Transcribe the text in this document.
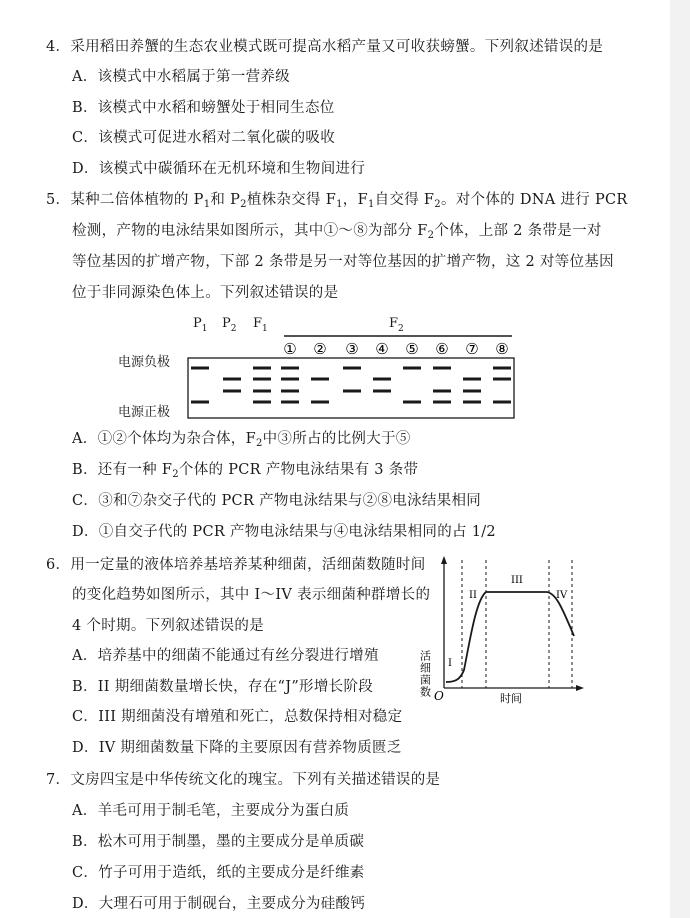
4．采用稻田养蟹的生态农业模式既可提高水稻产量又可收获螃蟹。下列叙述错误的是
A．该模式中水稻属于第一营养级
B．该模式中水稻和螃蟹处于相同生态位
C．该模式可促进水稻对二氧化碳的吸收
D．该模式中碳循环在无机环境和生物间进行
5．某种二倍体植物的 $P_1$和 $P_2$植株杂交得 $F_1$，$F_1$自交得 $F_2$。对个体的 DNA 进行 PCR
检测，产物的电泳结果如图所示，其中①～⑧为部分 $F_2$个体，上部 2 条带是一对
等位基因的扩增产物，下部 2 条带是另一对等位基因的扩增产物，这 2 对等位基因
位于非同源染色体上。下列叙述错误的是
$P_1$ $P_2$ $F_1$	$F_2$
① ② ③ ④ ⑤ ⑥ ⑦ ⑧
电源负极
电源正极
A．①②个体均为杂合体，$F_2$中③所占的比例大于⑤
B．还有一种 $F_2$个体的 PCR 产物电泳结果有 3 条带
C．③和⑦杂交子代的 PCR 产物电泳结果与②⑧电泳结果相同
D．①自交子代的 PCR 产物电泳结果与④电泳结果相同的占 1/2
6．用一定量的液体培养基培养某种细菌，活细菌数随时间
的变化趋势如图所示，其中 I～IV 表示细菌种群增长的
4 个时期。下列叙述错误的是
A．培养基中的细菌不能通过有丝分裂进行增殖
B．II 期细菌数量增长快，存在“J”形增长阶段
C．III 期细菌没有增殖和死亡，总数保持相对稳定
D．IV 期细菌数量下降的主要原因有营养物质匮乏
活细菌数
时间
O
I
II
III
IV
7．文房四宝是中华传统文化的瑰宝。下列有关描述错误的是
A．羊毛可用于制毛笔，主要成分为蛋白质
B．松木可用于制墨，墨的主要成分是单质碳
C．竹子可用于造纸，纸的主要成分是纤维素
D．大理石可用于制砚台，主要成分为硅酸钙
